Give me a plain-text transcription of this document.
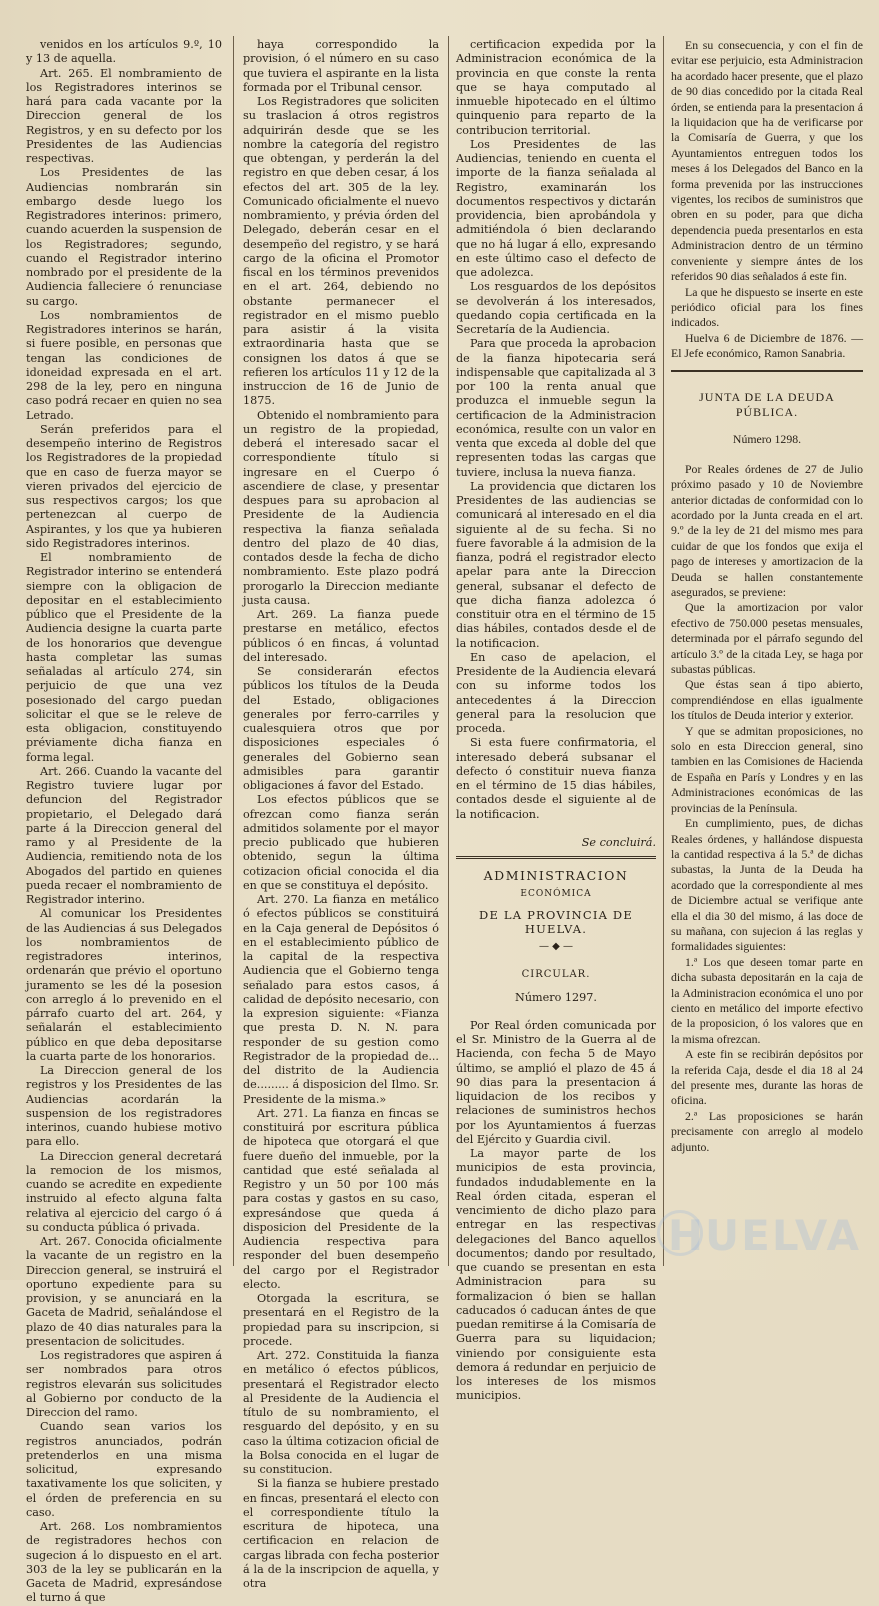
venidos en los artículos 9.º, 10 y 13 de aquella.

Art. 265. El nombramiento de los Registradores interinos se hará para cada vacante por la Direccion general de los Registros, y en su defecto por los Presidentes de las Audiencias respectivas.

Los Presidentes de las Audiencias nombrarán sin embargo desde luego los Registradores interinos: primero, cuando acuerden la suspension de los Registradores; segundo, cuando el Registrador interino nombrado por el presidente de la Audiencia falleciere ó renunciase su cargo.

Los nombramientos de Registradores interinos se harán, si fuere posible, en personas que tengan las condiciones de idoneidad expresada en el art. 298 de la ley, pero en ninguna caso podrá recaer en quien no sea Letrado.

Serán preferidos para el desempeño interino de Registros los Registradores de la propiedad que en caso de fuerza mayor se vieren privados del ejercicio de sus respectivos cargos; los que pertenezcan al cuerpo de Aspirantes, y los que ya hubieren sido Registradores interinos.

El nombramiento de Registrador interino se entenderá siempre con la obligacion de depositar en el establecimiento público que el Presidente de la Audiencia designe la cuarta parte de los honorarios que devengue hasta completar las sumas señaladas al artículo 274, sin perjuicio de que una vez posesionado del cargo puedan solicitar el que se le releve de esta obligacion, constituyendo préviamente dicha fianza en forma legal.

Art. 266. Cuando la vacante del Registro tuviere lugar por defuncion del Registrador propietario, el Delegado dará parte á la Direccion general del ramo y al Presidente de la Audiencia, remitiendo nota de los Abogados del partido en quienes pueda recaer el nombramiento de Registrador interino.

Al comunicar los Presidentes de las Audiencias á sus Delegados los nombramientos de registradores interinos, ordenarán que prévio el oportuno juramento se les dé la posesion con arreglo á lo prevenido en el párrafo cuarto del art. 264, y señalarán el establecimiento público en que deba depositarse la cuarta parte de los honorarios.

La Direccion general de los registros y los Presidentes de las Audiencias acordarán la suspension de los registradores interinos, cuando hubiese motivo para ello.

La Direccion general decretará la remocion de los mismos, cuando se acredite en expediente instruido al efecto alguna falta relativa al ejercicio del cargo ó á su conducta pública ó privada.

Art. 267. Conocida oficialmente la vacante de un registro en la Direccion general, se instruirá el oportuno expediente para su provision, y se anunciará en la Gaceta de Madrid, señalándose el plazo de 40 dias naturales para la presentacion de solicitudes.

Los registradores que aspiren á ser nombrados para otros registros elevarán sus solicitudes al Gobierno por conducto de la Direccion del ramo.

Cuando sean varios los registros anunciados, podrán pretenderlos en una misma solicitud, expresando taxativamente los que soliciten, y el órden de preferencia en su caso.

Art. 268. Los nombramientos de registradores hechos con sugecion á lo dispuesto en el art. 303 de la ley se publicarán en la Gaceta de Madrid, expresándose el turno á que

haya correspondido la provision, ó el número en su caso que tuviera el aspirante en la lista formada por el Tribunal censor.

Los Registradores que soliciten su traslacion á otros registros adquirirán desde que se les nombre la categoría del registro que obtengan, y perderán la del registro en que deben cesar, á los efectos del art. 305 de la ley. Comunicado oficialmente el nuevo nombramiento, y prévia órden del Delegado, deberán cesar en el desempeño del registro, y se hará cargo de la oficina el Promotor fiscal en los términos prevenidos en el art. 264, debiendo no obstante permanecer el registrador en el mismo pueblo para asistir á la visita extraordinaria hasta que se consignen los datos á que se refieren los artículos 11 y 12 de la instruccion de 16 de Junio de 1875.

Obtenido el nombramiento para un registro de la propiedad, deberá el interesado sacar el correspondiente título si ingresare en el Cuerpo ó ascendiere de clase, y presentar despues para su aprobacion al Presidente de la Audiencia respectiva la fianza señalada dentro del plazo de 40 dias, contados desde la fecha de dicho nombramiento. Este plazo podrá prorogarlo la Direccion mediante justa causa.

Art. 269. La fianza puede prestarse en metálico, efectos públicos ó en fincas, á voluntad del interesado.

Se considerarán efectos públicos los títulos de la Deuda del Estado, obligaciones generales por ferro-carriles y cualesquiera otros que por disposiciones especiales ó generales del Gobierno sean admisibles para garantir obligaciones á favor del Estado.

Los efectos públicos que se ofrezcan como fianza serán admitidos solamente por el mayor precio publicado que hubieren obtenido, segun la última cotizacion oficial conocida el dia en que se constituya el depósito.

Art. 270. La fianza en metálico ó efectos públicos se constituirá en la Caja general de Depósitos ó en el establecimiento público de la capital de la respectiva Audiencia que el Gobierno tenga señalado para estos casos, á calidad de depósito necesario, con la expresion siguiente: «Fianza que presta D. N. N. para responder de su gestion como Registrador de la propiedad de... del distrito de la Audiencia de......... á disposicion del Ilmo. Sr. Presidente de la misma.»

Art. 271. La fianza en fincas se constituirá por escritura pública de hipoteca que otorgará el que fuere dueño del inmueble, por la cantidad que esté señalada al Registro y un 50 por 100 más para costas y gastos en su caso, expresándose que queda á disposicion del Presidente de la Audiencia respectiva para responder del buen desempeño del cargo por el Registrador electo.

Otorgada la escritura, se presentará en el Registro de la propiedad para su inscripcion, si procede.

Art. 272. Constituida la fianza en metálico ó efectos públicos, presentará el Registrador electo al Presidente de la Audiencia el título de su nombramiento, el resguardo del depósito, y en su caso la última cotizacion oficial de la Bolsa conocida en el lugar de su constitucion.

Si la fianza se hubiere prestado en fincas, presentará el electo con el correspondiente título la escritura de hipoteca, una certificacion en relacion de cargas librada con fecha posterior á la de la inscripcion de aquella, y otra

certificacion expedida por la Administracion económica de la provincia en que conste la renta que se haya computado al inmueble hipotecado en el último quinquenio para reparto de la contribucion territorial.

Los Presidentes de las Audiencias, teniendo en cuenta el importe de la fianza señalada al Registro, examinarán los documentos respectivos y dictarán providencia, bien aprobándola y admitiéndola ó bien declarando que no há lugar á ello, expresando en este último caso el defecto de que adolezca.

Los resguardos de los depósitos se devolverán á los interesados, quedando copia certificada en la Secretaría de la Audiencia.

Para que proceda la aprobacion de la fianza hipotecaria será indispensable que capitalizada al 3 por 100 la renta anual que produzca el inmueble segun la certificacion de la Administracion económica, resulte con un valor en venta que exceda al doble del que representen todas las cargas que tuviere, inclusa la nueva fianza.

La providencia que dictaren los Presidentes de las audiencias se comunicará al interesado en el dia siguiente al de su fecha. Si no fuere favorable á la admision de la fianza, podrá el registrador electo apelar para ante la Direccion general, subsanar el defecto de que dicha fianza adolezca ó constituir otra en el término de 15 dias hábiles, contados desde el de la notificacion.

En caso de apelacion, el Presidente de la Audiencia elevará con su informe todos los antecedentes á la Direccion general para la resolucion que proceda.

Si esta fuere confirmatoria, el interesado deberá subsanar el defecto ó constituir nueva fianza en el término de 15 dias hábiles, contados desde el siguiente al de la notificacion.

Se concluirá.

ADMINISTRACION

ECONÓMICA

DE LA PROVINCIA DE HUELVA.

— ◆ —

CIRCULAR.

Número 1297.

Por Real órden comunicada por el Sr. Ministro de la Guerra al de Hacienda, con fecha 5 de Mayo último, se amplió el plazo de 45 á 90 dias para la presentacion á liquidacion de los recibos y relaciones de suministros hechos por los Ayuntamientos á fuerzas del Ejército y Guardia civil.

La mayor parte de los municipios de esta provincia, fundados indudablemente en la Real órden citada, esperan el vencimiento de dicho plazo para entregar en las respectivas delegaciones del Banco aquellos documentos; dando por resultado, que cuando se presentan en esta Administracion para su formalizacion ó bien se hallan caducados ó caducan ántes de que puedan remitirse á la Comisaría de Guerra para su liquidacion; viniendo por consiguiente esta demora á redundar en perjuicio de los intereses de los mismos municipios.

En su consecuencia, y con el fin de evitar ese perjuicio, esta Administracion ha acordado hacer presente, que el plazo de 90 dias concedido por la citada Real órden, se entienda para la presentacion á la liquidacion que ha de verificarse por la Comisaría de Guerra, y que los Ayuntamientos entreguen todos los meses á los Delegados del Banco en la forma prevenida por las instrucciones vigentes, los recibos de suministros que obren en su poder, para que dicha dependencia pueda presentarlos en esta Administracion dentro de un término conveniente y siempre ántes de los referidos 90 dias señalados á este fin.

La que he dispuesto se inserte en este periódico oficial para los fines indicados.

Huelva 6 de Diciembre de 1876. —El Jefe económico, Ramon Sanabria.

JUNTA DE LA DEUDA PÚBLICA.

Número 1298.

Por Reales órdenes de 27 de Julio próximo pasado y 10 de Noviembre anterior dictadas de conformidad con lo acordado por la Junta creada en el art. 9.º de la ley de 21 del mismo mes para cuidar de que los fondos que exija el pago de intereses y amortizacion de la Deuda se hallen constantemente asegurados, se previene:

Que la amortizacion por valor efectivo de 750.000 pesetas mensuales, determinada por el párrafo segundo del artículo 3.º de la citada Ley, se haga por subastas públicas.

Que éstas sean á tipo abierto, comprendiéndose en ellas igualmente los títulos de Deuda interior y exterior.

Y que se admitan proposiciones, no solo en esta Direccion general, sino tambien en las Comisiones de Hacienda de España en París y Londres y en las Administraciones económicas de las provincias de la Península.

En cumplimiento, pues, de dichas Reales órdenes, y hallándose dispuesta la cantidad respectiva á la 5.ª de dichas subastas, la Junta de la Deuda ha acordado que la correspondiente al mes de Diciembre actual se verifique ante ella el dia 30 del mismo, á las doce de su mañana, con sujecion á las reglas y formalidades siguientes:

1.ª Los que deseen tomar parte en dicha subasta depositarán en la caja de la Administracion económica el uno por ciento en metálico del importe efectivo de la proposicion, ó los valores que en la misma ofrezcan.

A este fin se recibirán depósitos por la referida Caja, desde el dia 18 al 24 del presente mes, durante las horas de oficina.

2.ª Las proposiciones se harán precisamente con arreglo al modelo adjunto.

HUELVA
